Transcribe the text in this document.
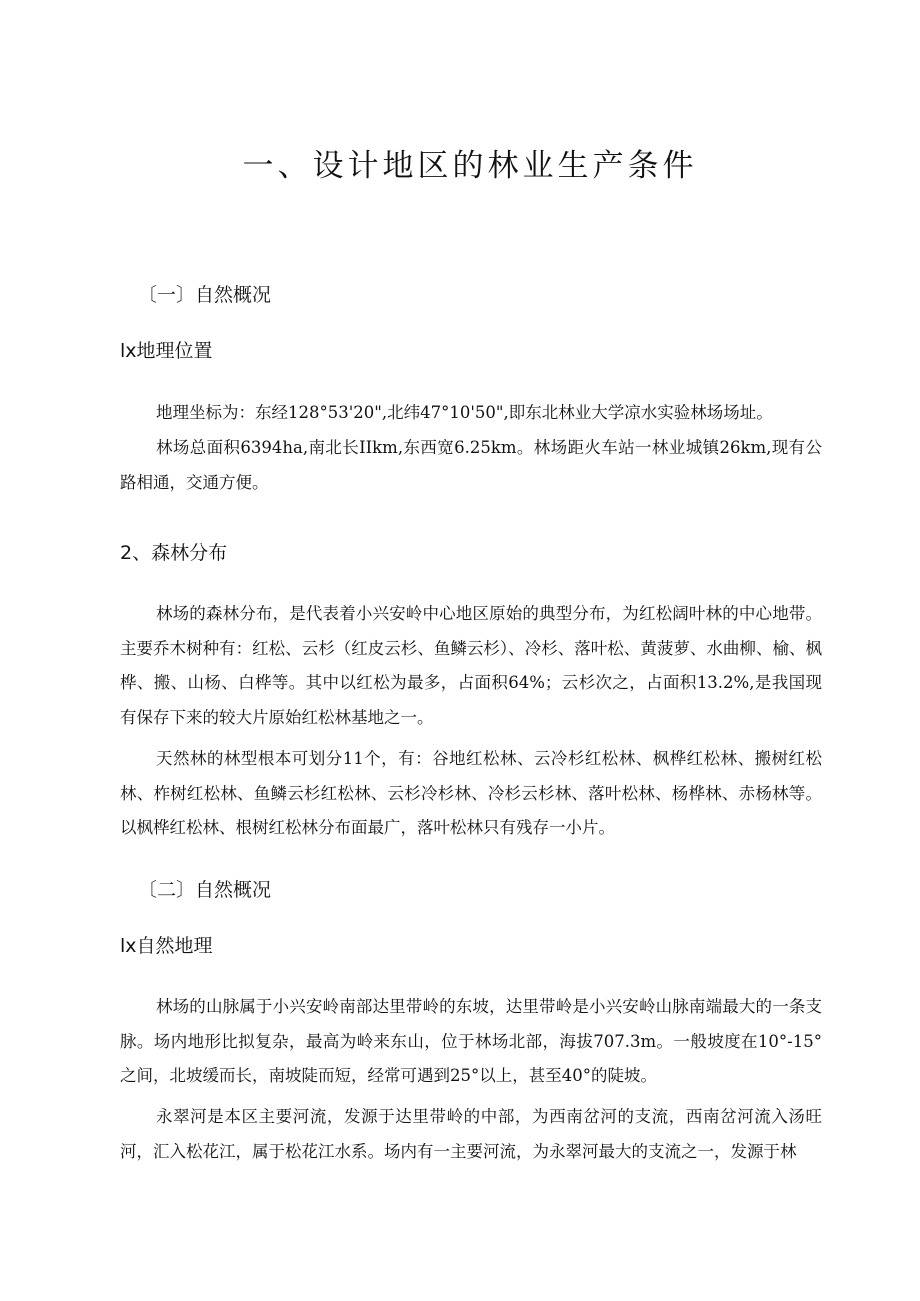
一、设计地区的林业生产条件
〔一〕自然概况
lx地理位置

地理坐标为：东经128°53'20",北纬47°10'50",即东北林业大学凉水实验林场场址。

林场总面积6394ha,南北长IIkm,东西宽6.25km。林场距火车站一林业城镇26km,现有公路相通，交通方便。

2、森林分布

林场的森林分布，是代表着小兴安岭中心地区原始的典型分布，为红松阔叶林的中心地带。主要乔木树种有：红松、云杉（红皮云杉、鱼鳞云杉）、冷杉、落叶松、黄菠萝、水曲柳、榆、枫桦、搬、山杨、白桦等。其中以红松为最多，占面积64%；云杉次之，占面积13.2%,是我国现有保存下来的较大片原始红松林基地之一。

天然林的林型根本可划分11个，有：谷地红松林、云冷杉红松林、枫桦红松林、搬树红松林、柞树红松林、鱼鳞云杉红松林、云杉冷杉林、冷杉云杉林、落叶松林、杨桦林、赤杨林等。以枫桦红松林、根树红松林分布面最广，落叶松林只有残存一小片。

〔二〕自然概况
lx自然地理

林场的山脉属于小兴安岭南部达里带岭的东坡，达里带岭是小兴安岭山脉南端最大的一条支脉。场内地形比拟复杂，最高为岭来东山，位于林场北部，海拔707.3m。一般坡度在10°-15°之间，北坡缓而长，南坡陡而短，经常可遇到25°以上，甚至40°的陡坡。

永翠河是本区主要河流，发源于达里带岭的中部，为西南岔河的支流，西南岔河流入汤旺河，汇入松花江，属于松花江水系。场内有一主要河流，为永翠河最大的支流之一，发源于林
